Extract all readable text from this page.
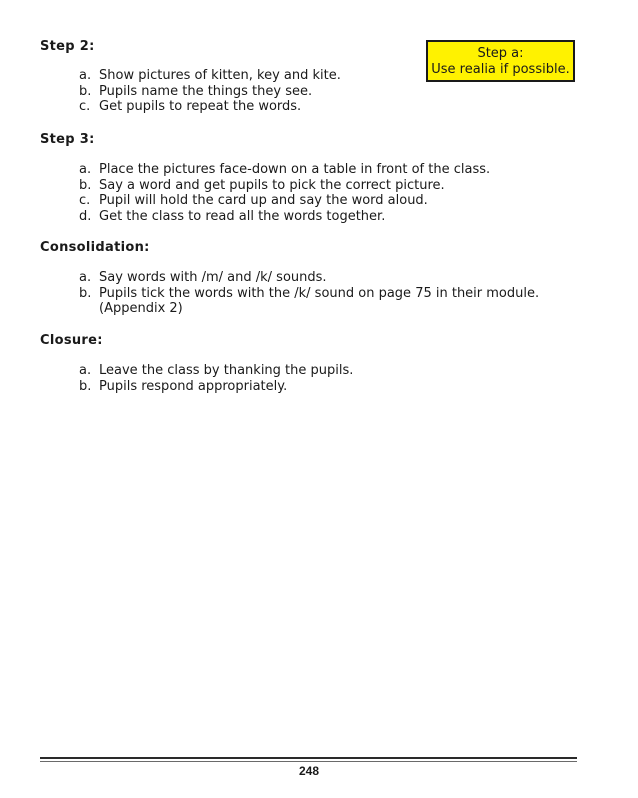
Step 2:
a. Show pictures of kitten, key and kite.
b. Pupils name the things they see.
c. Get pupils to repeat the words.
Step a:
Use realia if possible.
Step 3:
a. Place the pictures face-down on a table in front of the class.
b. Say a word and get pupils to pick the correct picture.
c. Pupil will hold the card up and say the word aloud.
d. Get the class to read all the words together.
Consolidation:
a. Say words with /m/ and /k/ sounds.
b. Pupils tick the words with the /k/ sound on page 75 in their module.
(Appendix 2)
Closure:
a. Leave the class by thanking the pupils.
b. Pupils respond appropriately.
248
